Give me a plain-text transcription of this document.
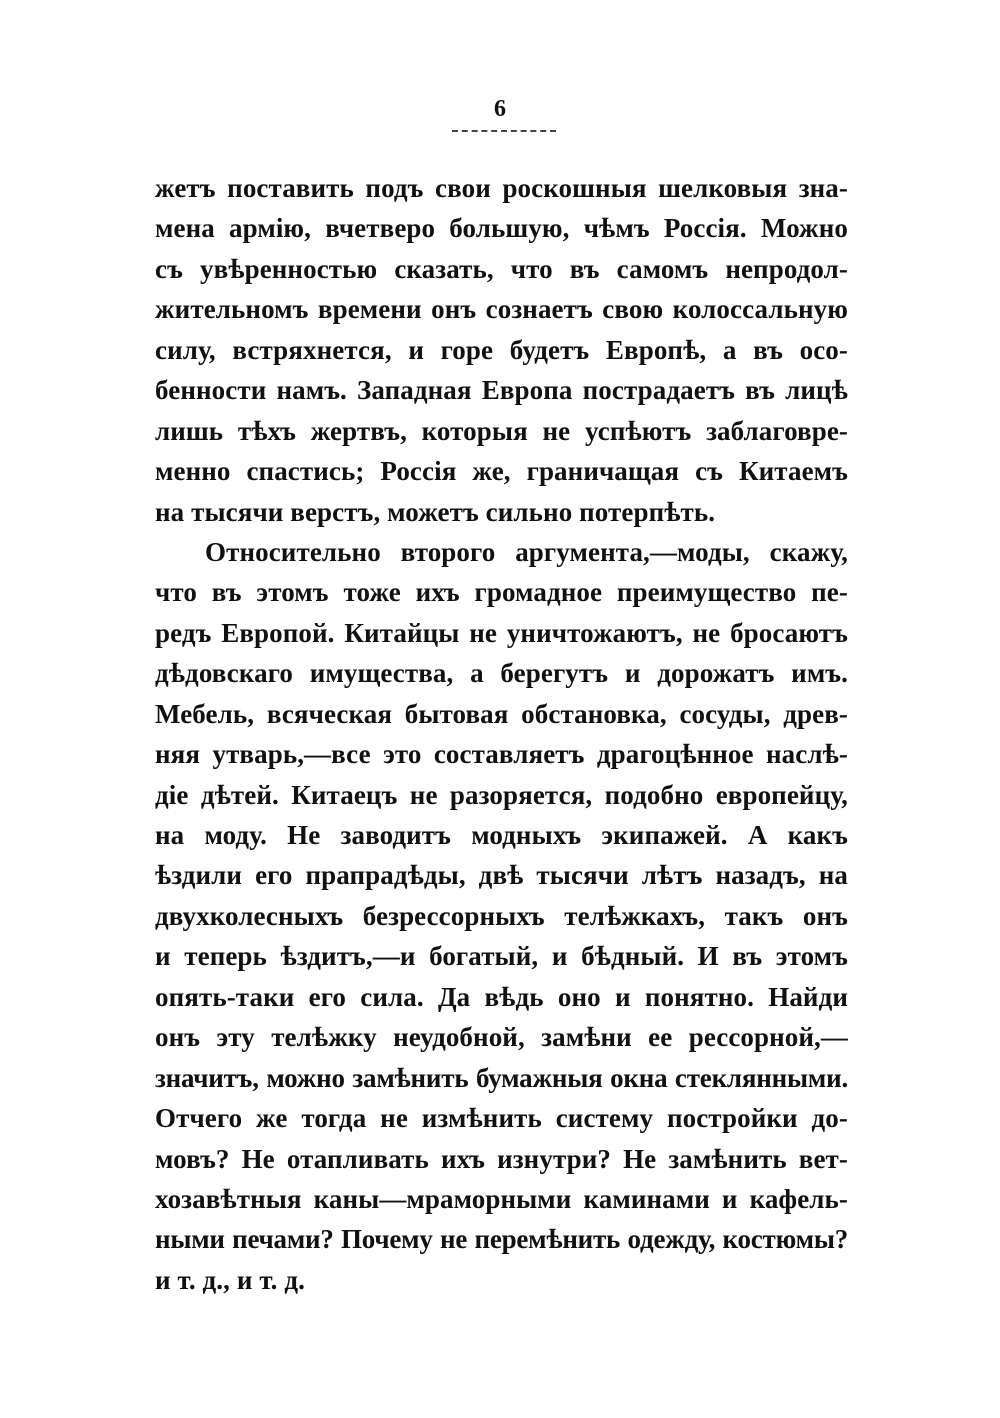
6
жетъ поставить подъ свои роскошныя шелковыя зна-
мена армію, вчетверо большую, чѣмъ Россія. Можно
съ увѣренностью сказать, что въ самомъ непродол-
жительномъ времени онъ сознаетъ свою колоссальную
силу, встряхнется, и горе будетъ Европѣ, а въ осо-
бенности намъ. Западная Европа пострадаетъ въ лицѣ
лишь тѣхъ жертвъ, которыя не успѣютъ заблаговре-
менно спастись; Россія же, граничащая съ Китаемъ
на тысячи верстъ, можетъ сильно потерпѣть.
Относительно второго аргумента,—моды, скажу,
что въ этомъ тоже ихъ громадное преимущество пе-
редъ Европой. Китайцы не уничтожаютъ, не бросаютъ
дѣдовскаго имущества, а берегутъ и дорожатъ имъ.
Мебель, всяческая бытовая обстановка, сосуды, древ-
няя утварь,—все это составляетъ драгоцѣнное наслѣ-
діе дѣтей. Китаецъ не разоряется, подобно европейцу,
на моду. Не заводитъ модныхъ экипажей. А какъ
ѣздили его прапрадѣды, двѣ тысячи лѣтъ назадъ, на
двухколесныхъ безрессорныхъ телѣжкахъ, такъ онъ
и теперь ѣздитъ,—и богатый, и бѣдный. И въ этомъ
опять-таки его сила. Да вѣдь оно и понятно. Найди
онъ эту телѣжку неудобной, замѣни ее рессорной,—
значитъ, можно замѣнить бумажныя окна стеклянными.
Отчего же тогда не измѣнить систему постройки до-
мовъ? Не отапливать ихъ изнутри? Не замѣнить вет-
хозавѣтныя каны—мраморными каминами и кафель-
ными печами? Почему не перемѣнить одежду, костюмы?
и т. д., и т. д.
